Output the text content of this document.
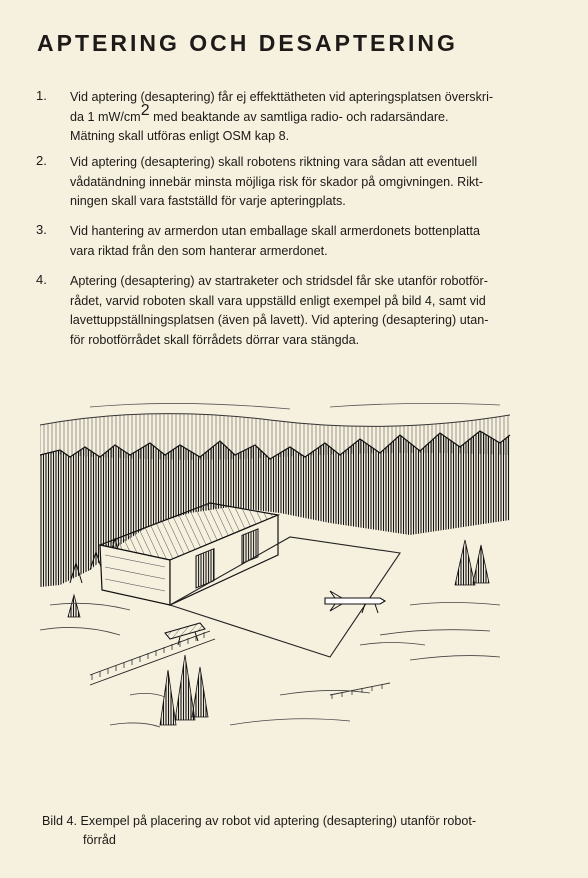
APTERING OCH DESAPTERING
1. Vid aptering (desaptering) får ej effekttätheten vid apteringsplatsen överskri-
da 1 mW/cm2 med beaktande av samtliga radio- och radarsändare.
Mätning skall utföras enligt OSM kap 8.
2. Vid aptering (desaptering) skall robotens riktning vara sådan att eventuell
vådatändning innebär minsta möjliga risk för skador på omgivningen. Rikt-
ningen skall vara fastställd för varje apteringplats.
3. Vid hantering av armerdon utan emballage skall armerdonets bottenplatta
vara riktad från den som hanterar armerdonet.
4. Aptering (desaptering) av startraketer och stridsdel får ske utanför robotför-
rådet, varvid roboten skall vara uppställd enligt exempel på bild 4, samt vid
lavettuppställningsplatsen (även på lavett). Vid aptering (desaptering) utan-
för robotförrådet skall förrådets dörrar vara stängda.
Bild 4. Exempel på placering av robot vid aptering (desaptering) utanför robot-
förråd
